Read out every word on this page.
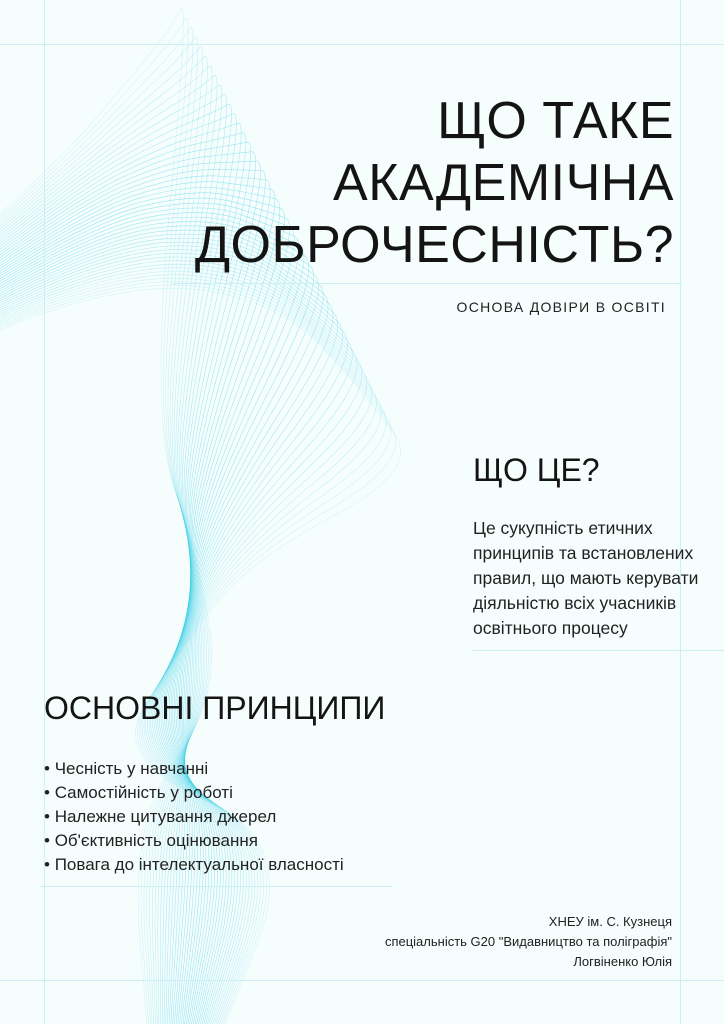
ЩО ТАКЕ
АКАДЕМІЧНА
ДОБРОЧЕСНІСТЬ?
ОСНОВА ДОВІРИ В ОСВІТІ
ЩО ЦЕ?
Це сукупність етичних принципів та встановлених правил, що мають керувати діяльністю всіх учасників освітнього процесу
ОСНОВНІ ПРИНЦИПИ
• Чесність у навчанні
• Самостійність у роботі
• Належне цитування джерел
• Об'єктивність оцінювання
• Повага до інтелектуальної власності
ХНЕУ ім. С. Кузнеця
спеціальність G20 "Видавництво та поліграфія"
Логвіненко Юлія
